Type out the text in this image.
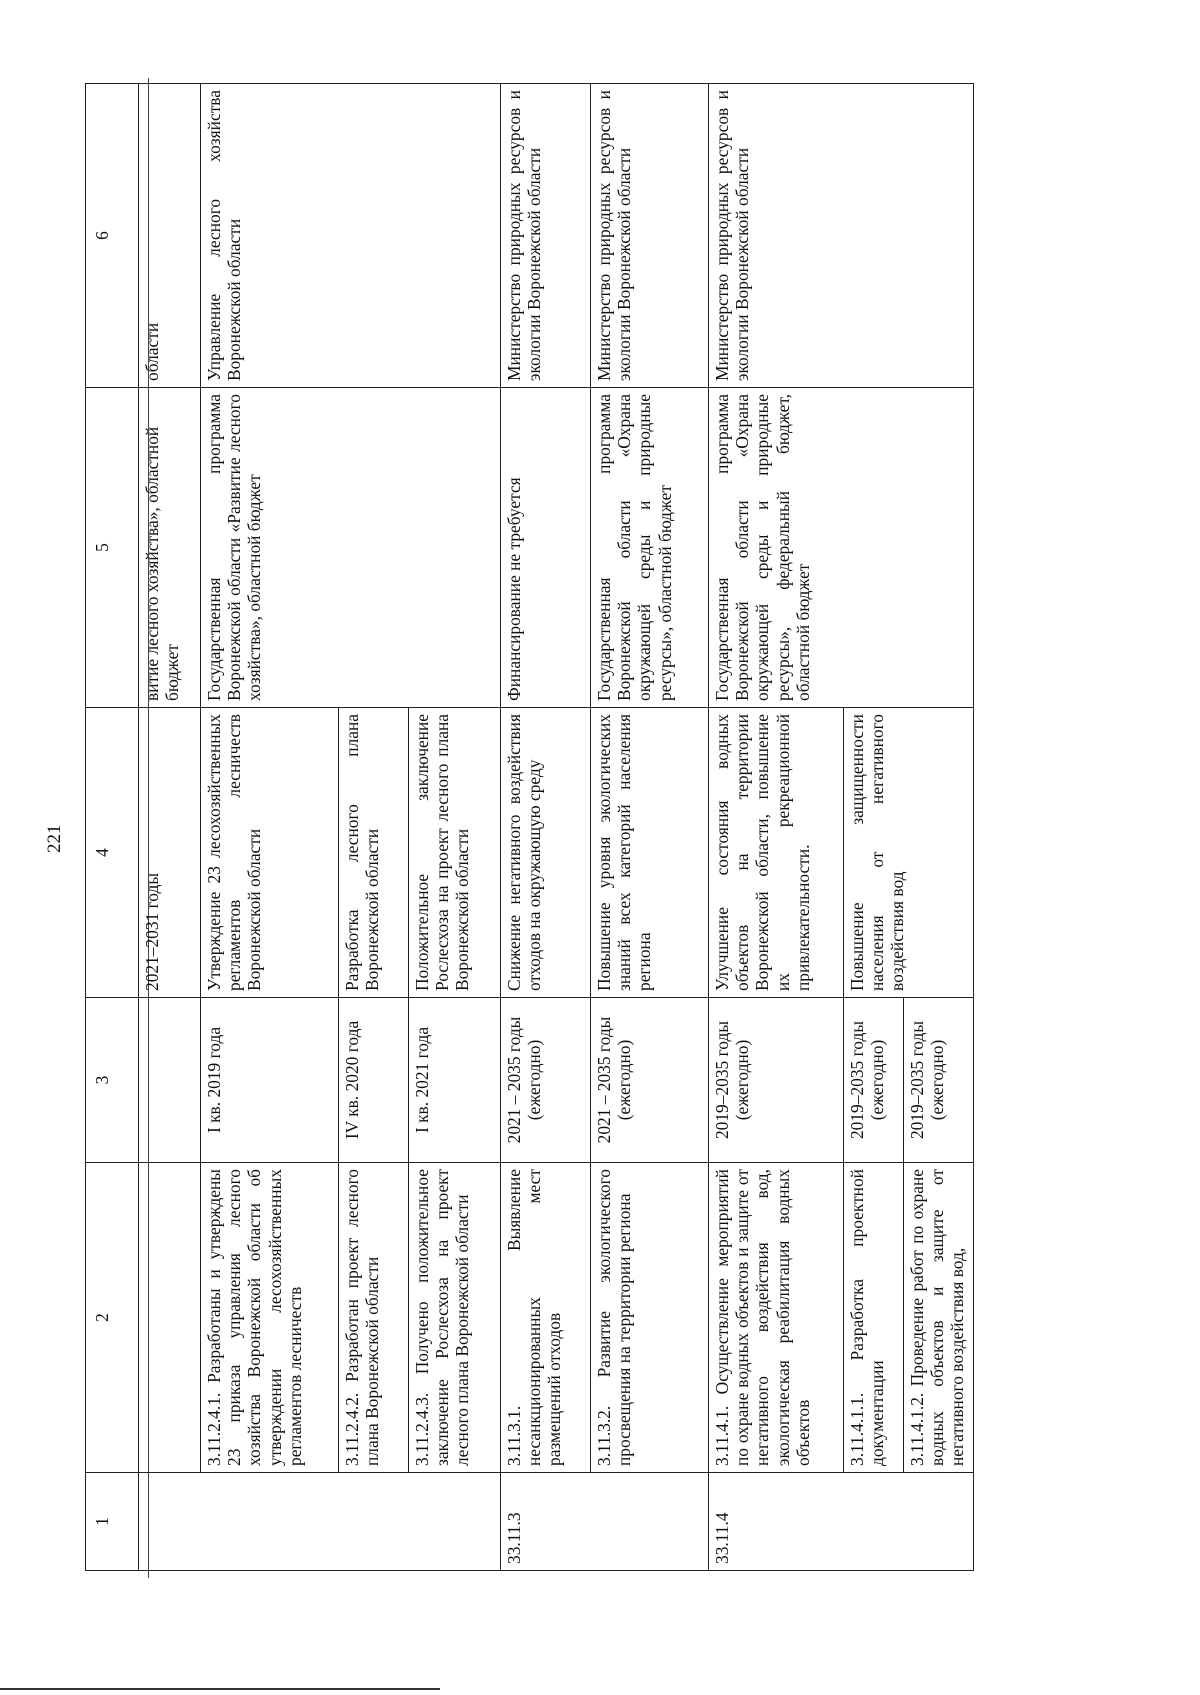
221
1	2	3	4	5	6
			2021–2031 годы	витие лесного хозяйства», областной бюджет	области
	3.11.2.4.1. Разработаны и утверждены 23 приказа управления лесного хозяйства Воронежской области об утверждении лесохозяйственных регламентов лесничеств	I кв. 2019 года	Утверждение 23 лесохозяйственных регламентов лесничеств Воронежской области	Государственная программа Воронежской области «Развитие лесного хозяйства», областной бюджет	Управление лесного хозяйства Воронежской области
	3.11.2.4.2. Разработан проект лесного плана Воронежской области	IV кв. 2020 года	Разработка лесного плана Воронежской области		
	3.11.2.4.3. Получено положительное заключение Рослесхоза на проект лесного плана Воронежской области	I кв. 2021 года	Положительное заключение Рослесхоза на проект лесного плана Воронежской области		
33.11.3	3.11.3.1. Выявление несанкционированных мест размещений отходов	2021 – 2035 годы (ежегодно)	Снижение негативного воздействия отходов на окружающую среду	Финансирование не требуется	Министерство природных ресурсов и экологии Воронежской области
	3.11.3.2. Развитие экологического просвещения на территории региона	2021 – 2035 годы (ежегодно)	Повышение уровня экологических знаний всех категорий населения региона	Государственная программа Воронежской области «Охрана окружающей среды и природные ресурсы», областной бюджет	Министерство природных ресурсов и экологии Воронежской области
33.11.4	3.11.4.1. Осуществление мероприятий по охране водных объектов и защите от негативного воздействия вод, экологическая реабилитация водных объектов	2019–2035 годы (ежегодно)	Улучшение состояния водных объектов на территории Воронежской области, повышение их рекреационной привлекательности.	Государственная программа Воронежской области «Охрана окружающей среды и природные ресурсы», федеральный бюджет, областной бюджет	Министерство природных ресурсов и экологии Воронежской области
	3.11.4.1.1. Разработка проектной документации	2019–2035 годы (ежегодно)	Повышение защищенности населения от негативного воздействия вод		
	3.11.4.1.2. Проведение работ по охране водных объектов и защите от негативного воздействия вод,	2019–2035 годы (ежегодно)			
